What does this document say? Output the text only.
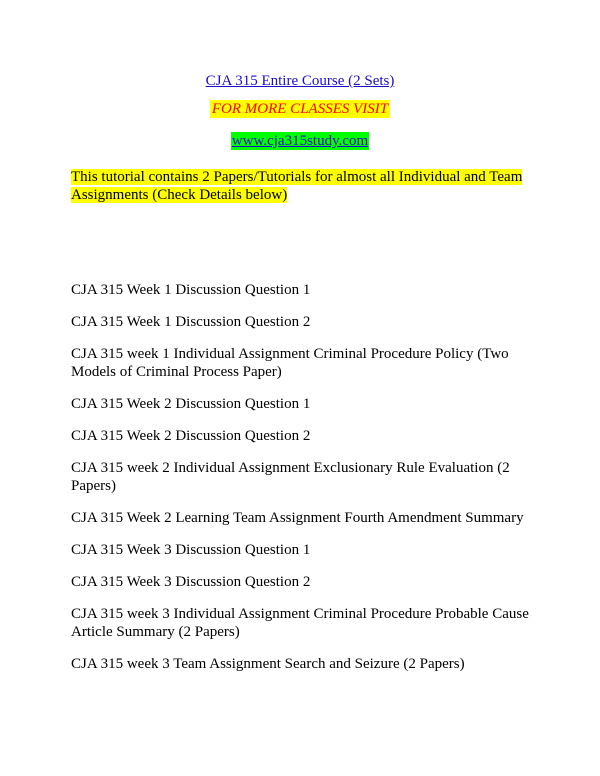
CJA 315 Entire Course (2 Sets)
FOR MORE CLASSES VISIT
www.cja315study.com
This tutorial contains 2 Papers/Tutorials for almost all Individual and Team Assignments (Check Details below)
CJA 315 Week 1 Discussion Question 1
CJA 315 Week 1 Discussion Question 2
CJA 315 week 1 Individual Assignment Criminal Procedure Policy (Two Models of Criminal Process Paper)
CJA 315 Week 2 Discussion Question 1
CJA 315 Week 2 Discussion Question 2
CJA 315 week 2 Individual Assignment Exclusionary Rule Evaluation (2 Papers)
CJA 315 Week 2 Learning Team Assignment Fourth Amendment Summary
CJA 315 Week 3 Discussion Question 1
CJA 315 Week 3 Discussion Question 2
CJA 315 week 3 Individual Assignment Criminal Procedure Probable Cause Article Summary (2 Papers)
CJA 315 week 3 Team Assignment Search and Seizure (2 Papers)
